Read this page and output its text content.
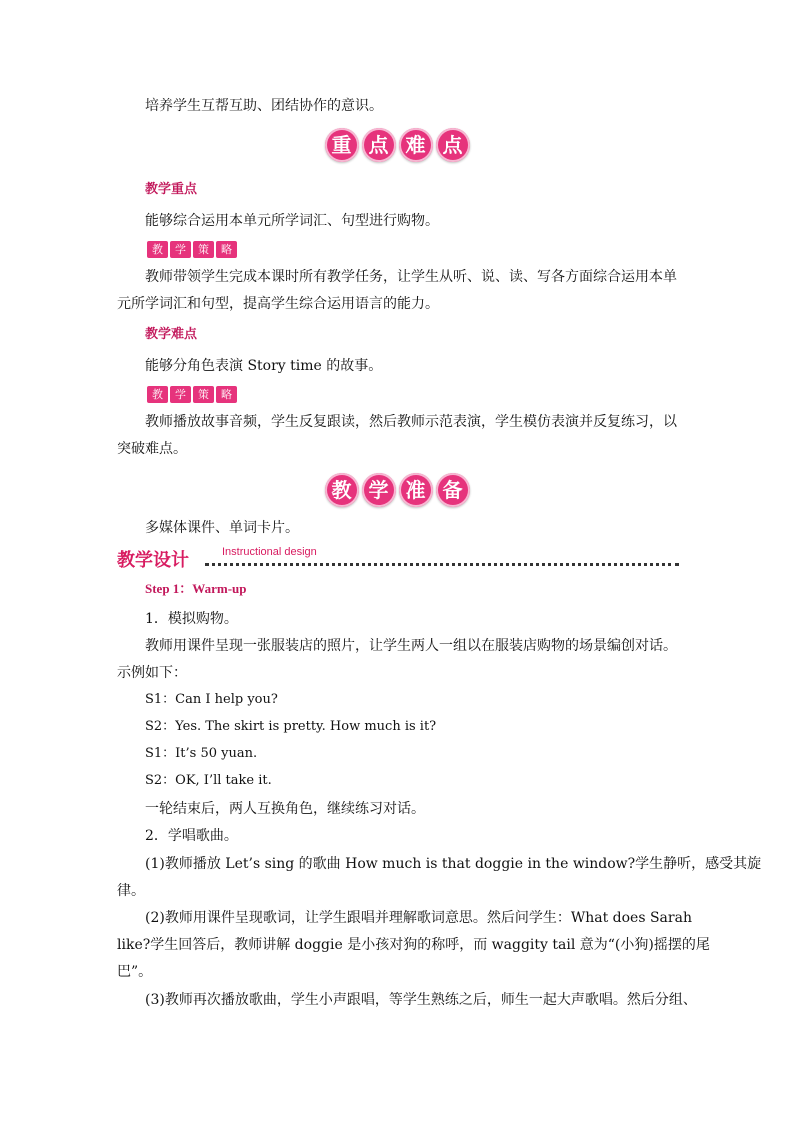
培养学生互帮互助、团结协作的意识。
重 点 难 点
教学重点
能够综合运用本单元所学词汇、句型进行购物。
教	学	策	略
教师带领学生完成本课时所有教学任务，让学生从听、说、读、写各方面综合运用本单
元所学词汇和句型，提高学生综合运用语言的能力。
教学难点
能够分角色表演 Story time 的故事。
教	学	策	略
教师播放故事音频，学生反复跟读，然后教师示范表演，学生模仿表演并反复练习，以
突破难点。
教 学 准 备
多媒体课件、单词卡片。
教学设计	Instructional design
Step 1：Warm-up
1．模拟购物。
教师用课件呈现一张服装店的照片，让学生两人一组以在服装店购物的场景编创对话。
示例如下：
S1：Can I help you?
S2：Yes. The skirt is pretty. How much is it?
S1：It’s 50 yuan.
S2：OK, I’ll take it.
一轮结束后，两人互换角色，继续练习对话。
2．学唱歌曲。
(1)教师播放 Let’s sing 的歌曲 How much is that doggie in the window?学生静听，感受其旋
律。
(2)教师用课件呈现歌词，让学生跟唱并理解歌词意思。然后问学生：What does Sarah
like?学生回答后，教师讲解 doggie 是小孩对狗的称呼，而 waggity tail 意为“(小狗)摇摆的尾
巴”。
(3)教师再次播放歌曲，学生小声跟唱，等学生熟练之后，师生一起大声歌唱。然后分组、
